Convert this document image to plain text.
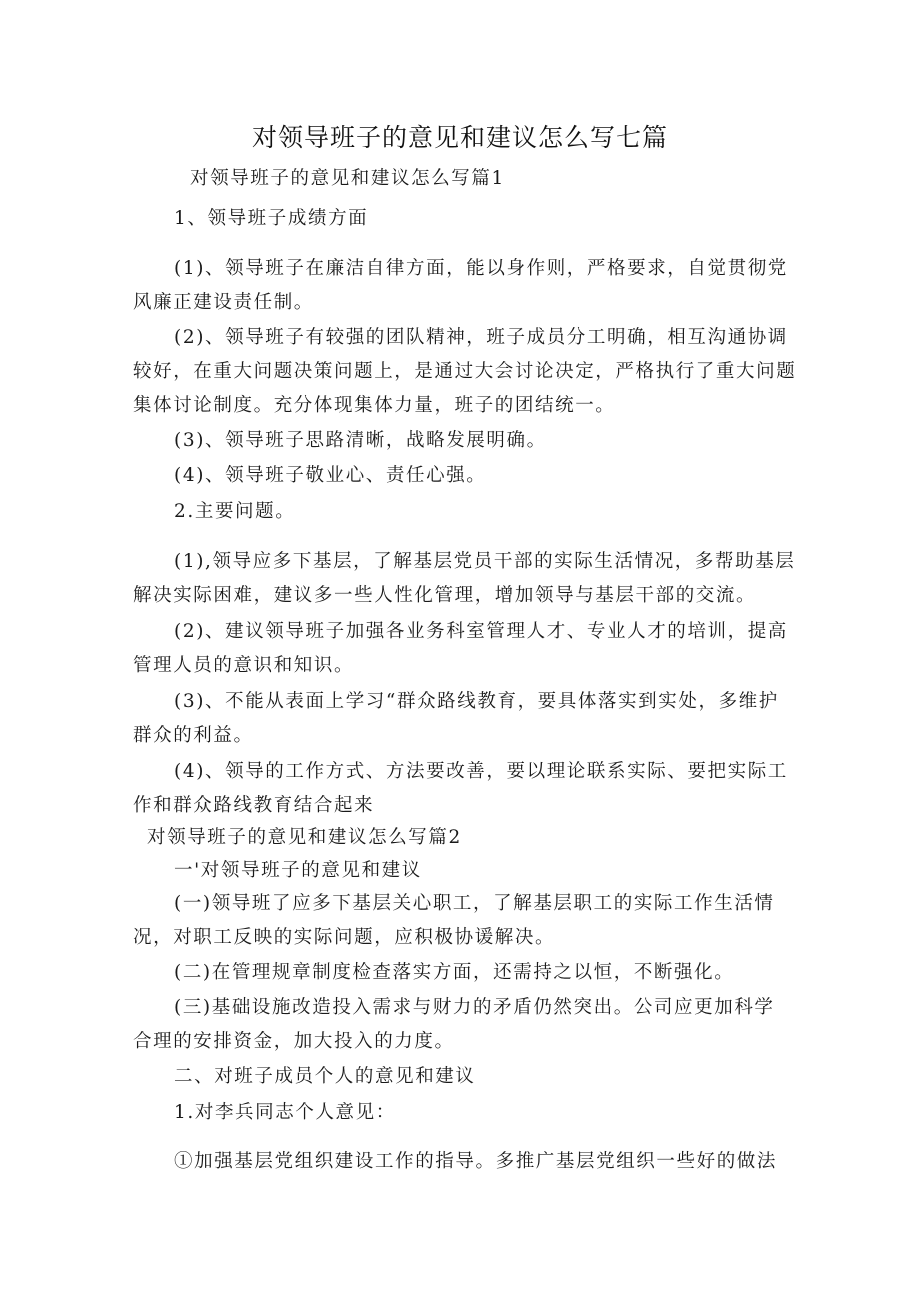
对领导班子的意见和建议怎么写七篇
对领导班子的意见和建议怎么写篇1
1、领导班子成绩方面
(1)、领导班子在廉洁自律方面，能以身作则，严格要求，自觉贯彻党
风廉正建设责任制。
(2)、领导班子有较强的团队精神，班子成员分工明确，相互沟通协调
较好，在重大问题决策问题上，是通过大会讨论决定，严格执行了重大问题
集体讨论制度。充分体现集体力量，班子的团结统一。
(3)、领导班子思路清晰，战略发展明确。
(4)、领导班子敬业心、责任心强。
2.主要问题。
(1),领导应多下基层，了解基层党员干部的实际生活情况，多帮助基层
解决实际困难，建议多一些人性化管理，增加领导与基层干部的交流。
(2)、建议领导班子加强各业务科室管理人才、专业人才的培训，提高
管理人员的意识和知识。
(3)、不能从表面上学习“群众路线教育，要具体落实到实处，多维护
群众的利益。
(4)、领导的工作方式、方法要改善，要以理论联系实际、要把实际工
作和群众路线教育结合起来
对领导班子的意见和建议怎么写篇2
一'对领导班子的意见和建议
(一)领导班了应多下基层关心职工，了解基层职工的实际工作生活情
况，对职工反映的实际问题，应积极协谖解决。
(二)在管理规章制度检查落实方面，还需持之以恒，不断强化。
(三)基础设施改造投入需求与财力的矛盾仍然突出。公司应更加科学
合理的安排资金，加大投入的力度。
二、对班子成员个人的意见和建议
1.对李兵同志个人意见：
①加强基层党组织建设工作的指导。多推广基层党组织一些好的做法
